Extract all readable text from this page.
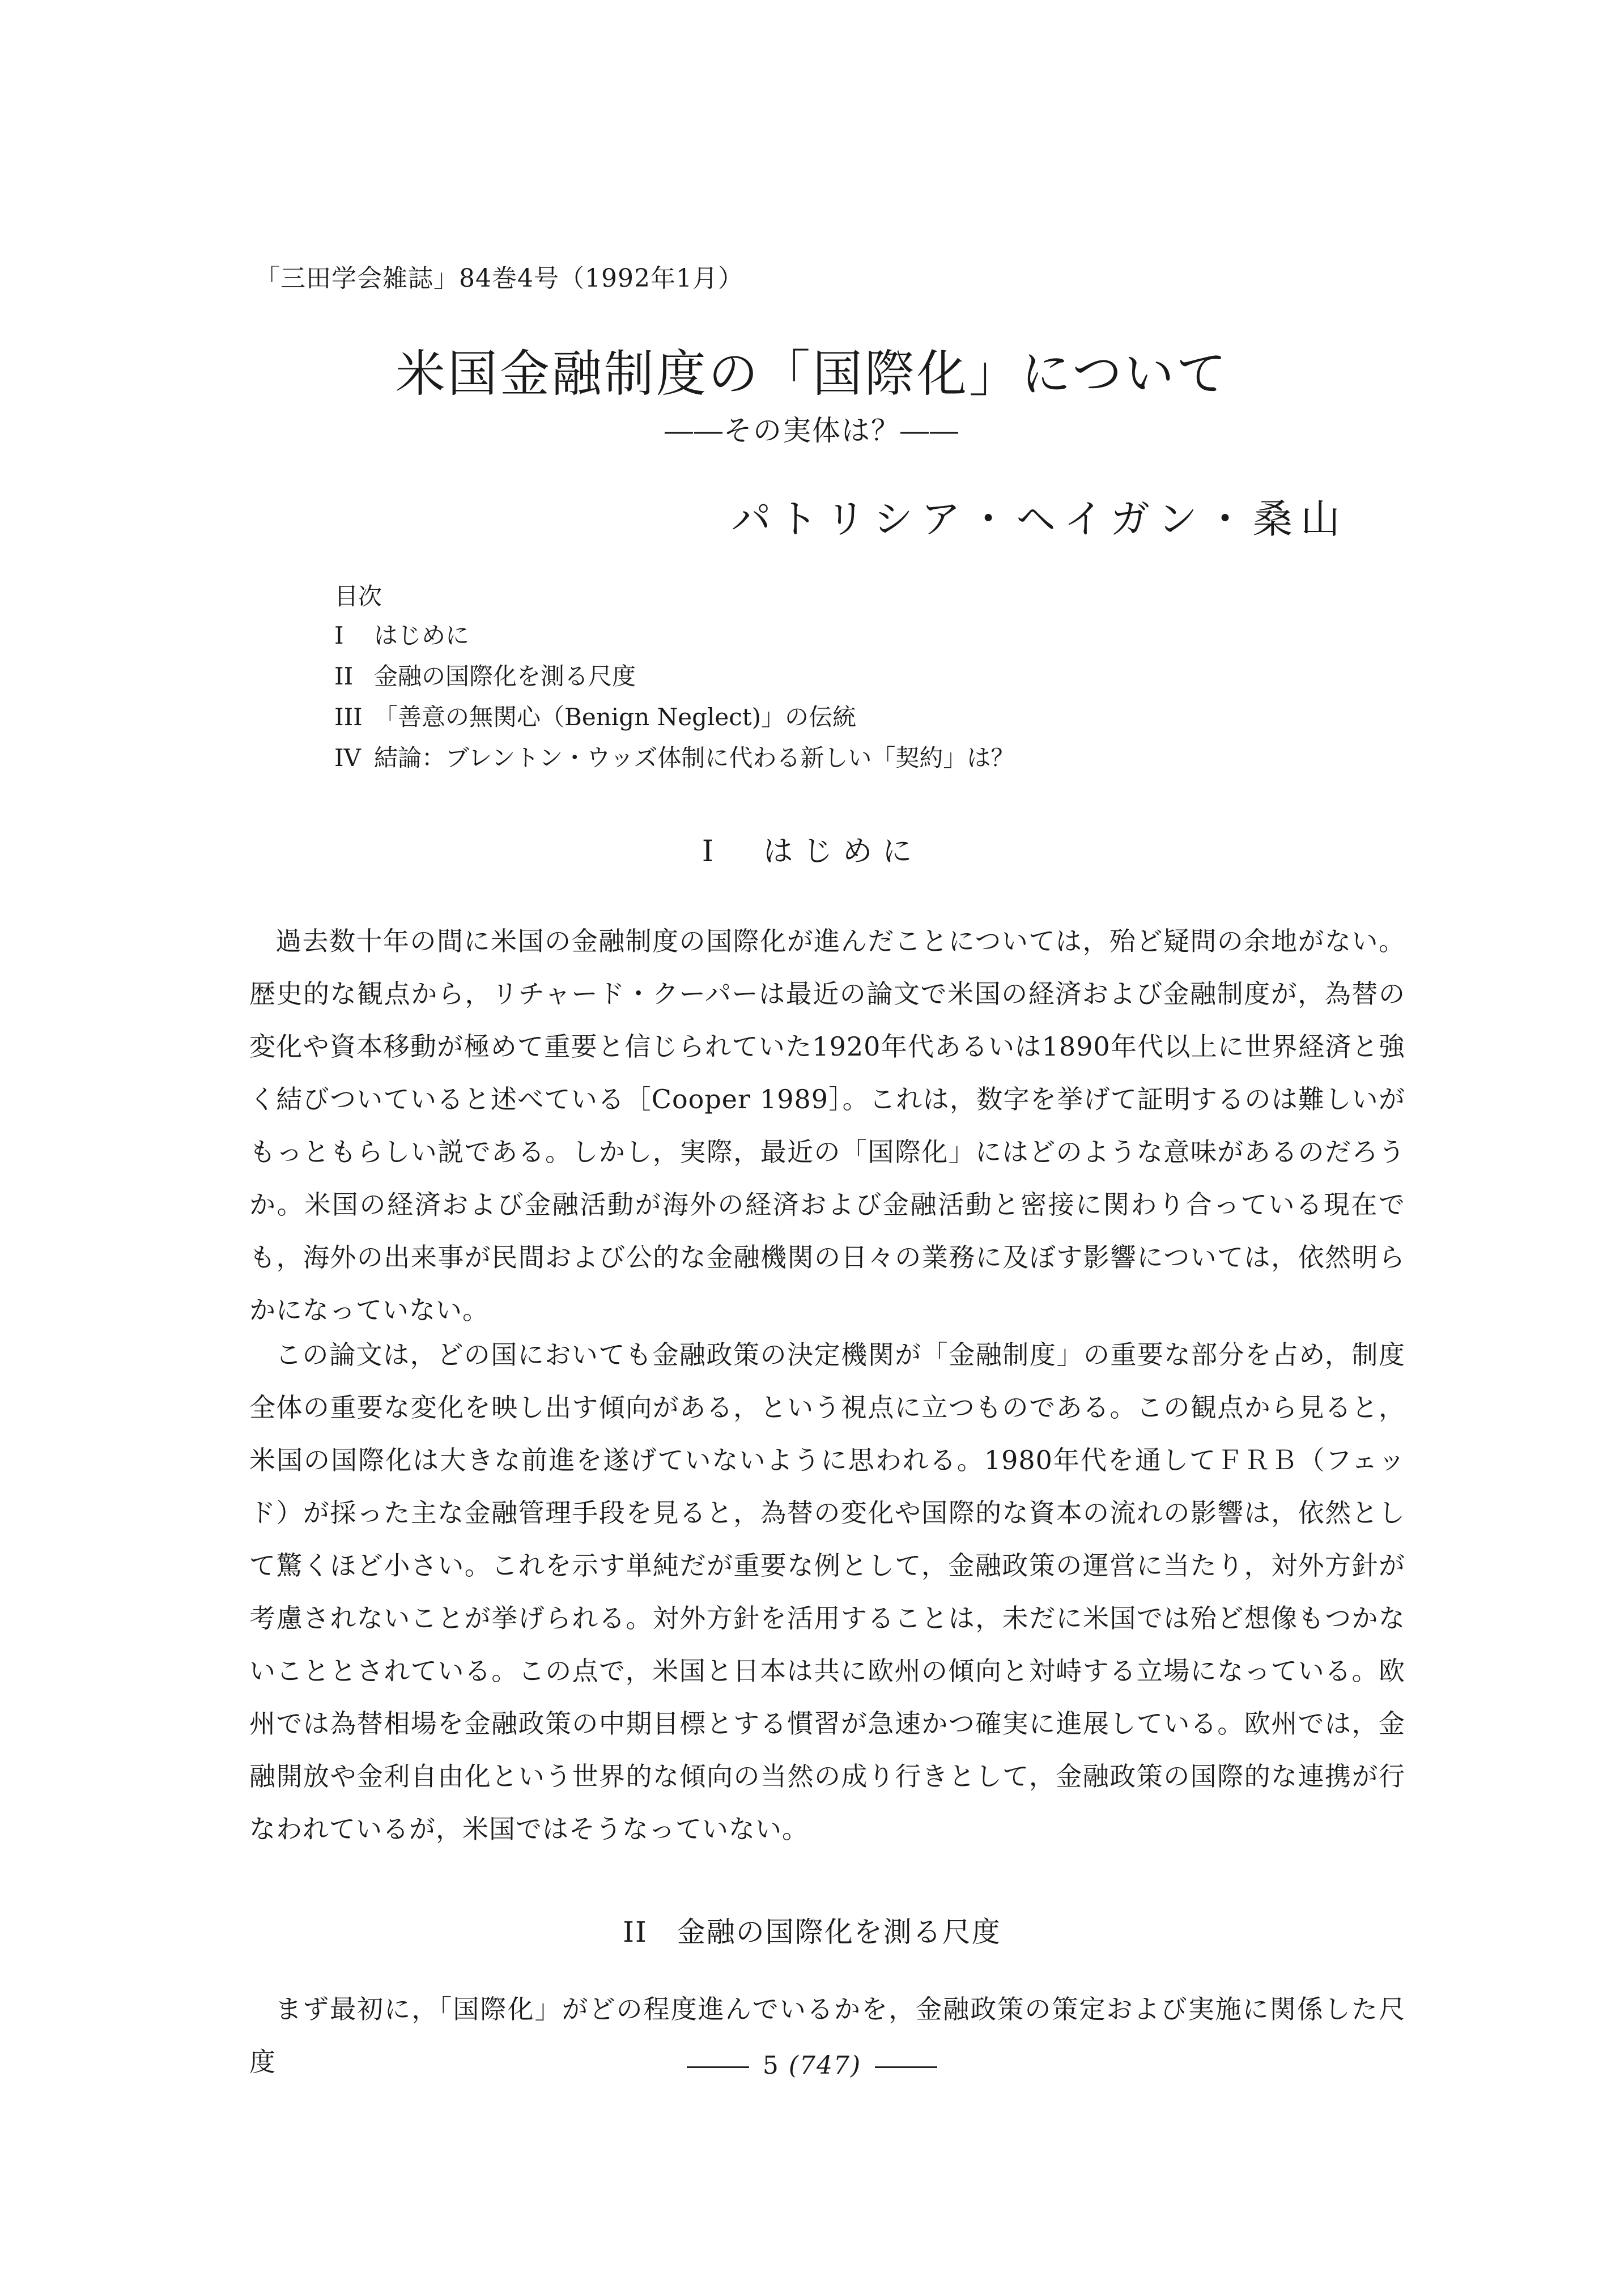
「三田学会雑誌」84巻4号（1992年1月）
米国金融制度の「国際化」について
――その実体は？――
パトリシア・ヘイガン・桑山
目次
I	はじめに
II 金融の国際化を測る尺度
III 「善意の無関心（Benign Neglect)」の伝統
IV 結論：ブレントン・ウッズ体制に代わる新しい「契約」は？
I　はじめに

過去数十年の間に米国の金融制度の国際化が進んだことについては，殆ど疑問の余地がない。歴史的な観点から，リチャード・クーパーは最近の論文で米国の経済および金融制度が，為替の変化や資本移動が極めて重要と信じられていた1920年代あるいは1890年代以上に世界経済と強く結びついていると述べている［Cooper 1989］。これは，数字を挙げて証明するのは難しいがもっともらしい説である。しかし，実際，最近の「国際化」にはどのような意味があるのだろうか。米国の経済および金融活動が海外の経済および金融活動と密接に関わり合っている現在でも，海外の出来事が民間および公的な金融機関の日々の業務に及ぼす影響については，依然明らかになっていない。

この論文は，どの国においても金融政策の決定機関が「金融制度」の重要な部分を占め，制度全体の重要な変化を映し出す傾向がある，という視点に立つものである。この観点から見ると，米国の国際化は大きな前進を遂げていないように思われる。1980年代を通してＦＲＢ（フェッド）が採った主な金融管理手段を見ると，為替の変化や国際的な資本の流れの影響は，依然として驚くほど小さい。これを示す単純だが重要な例として，金融政策の運営に当たり，対外方針が考慮されないことが挙げられる。対外方針を活用することは，未だに米国では殆ど想像もつかないこととされている。この点で，米国と日本は共に欧州の傾向と対峙する立場になっている。欧州では為替相場を金融政策の中期目標とする慣習が急速かつ確実に進展している。欧州では，金融開放や金利自由化という世界的な傾向の当然の成り行きとして，金融政策の国際的な連携が行なわれているが，米国ではそうなっていない。

II　金融の国際化を測る尺度

まず最初に，「国際化」がどの程度進んでいるかを，金融政策の策定および実施に関係した尺度	5 (747)
